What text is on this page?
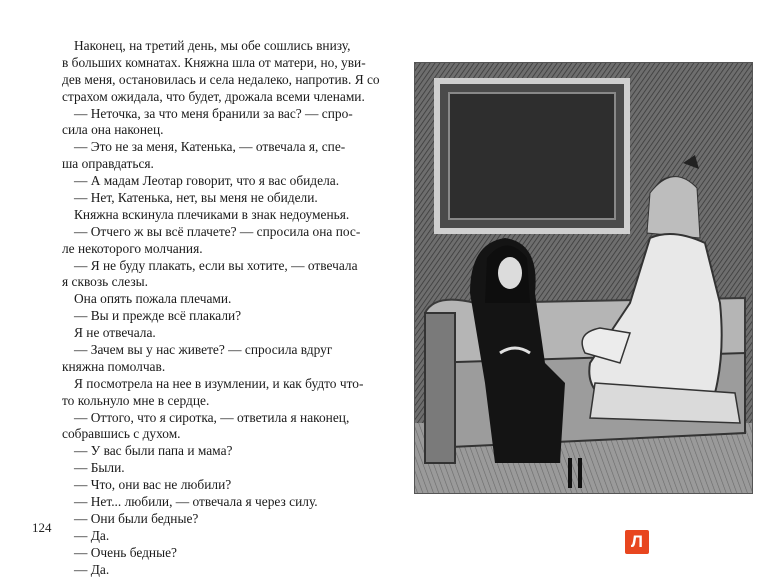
Наконец, на третий день, мы обе сошлись внизу,
в больших комнатах. Княжна шла от матери, но, уви-
дев меня, остановилась и села недалеко, напротив. Я со
страхом ожидала, что будет, дрожала всеми членами.
— Неточка, за что меня бранили за вас? — спро-
сила она наконец.
— Это не за меня, Катенька, — отвечала я, спе-
ша оправдаться.
— А мадам Леотар говорит, что я вас обидела.
— Нет, Катенька, нет, вы меня не обидели.
Княжна вскинула плечиками в знак недоуменья.
— Отчего ж вы всё плачете? — спросила она пос-
ле некоторого молчания.
— Я не буду плакать, если вы хотите, — отвечала
я сквозь слезы.
Она опять пожала плечами.
— Вы и прежде всё плакали?
Я не отвечала.
— Зачем вы у нас живете? — спросила вдруг
княжна помолчав.
Я посмотрела на нее в изумлении, и как будто что-
то кольнуло мне в сердце.
— Оттого, что я сиротка, — ответила я наконец,
собравшись с духом.
— У вас были папа и мама?
— Были.
— Что, они вас не любили?
— Нет... любили, — отвечала я через силу.
— Они были бедные?
— Да.
— Очень бедные?
— Да.
124
Л
